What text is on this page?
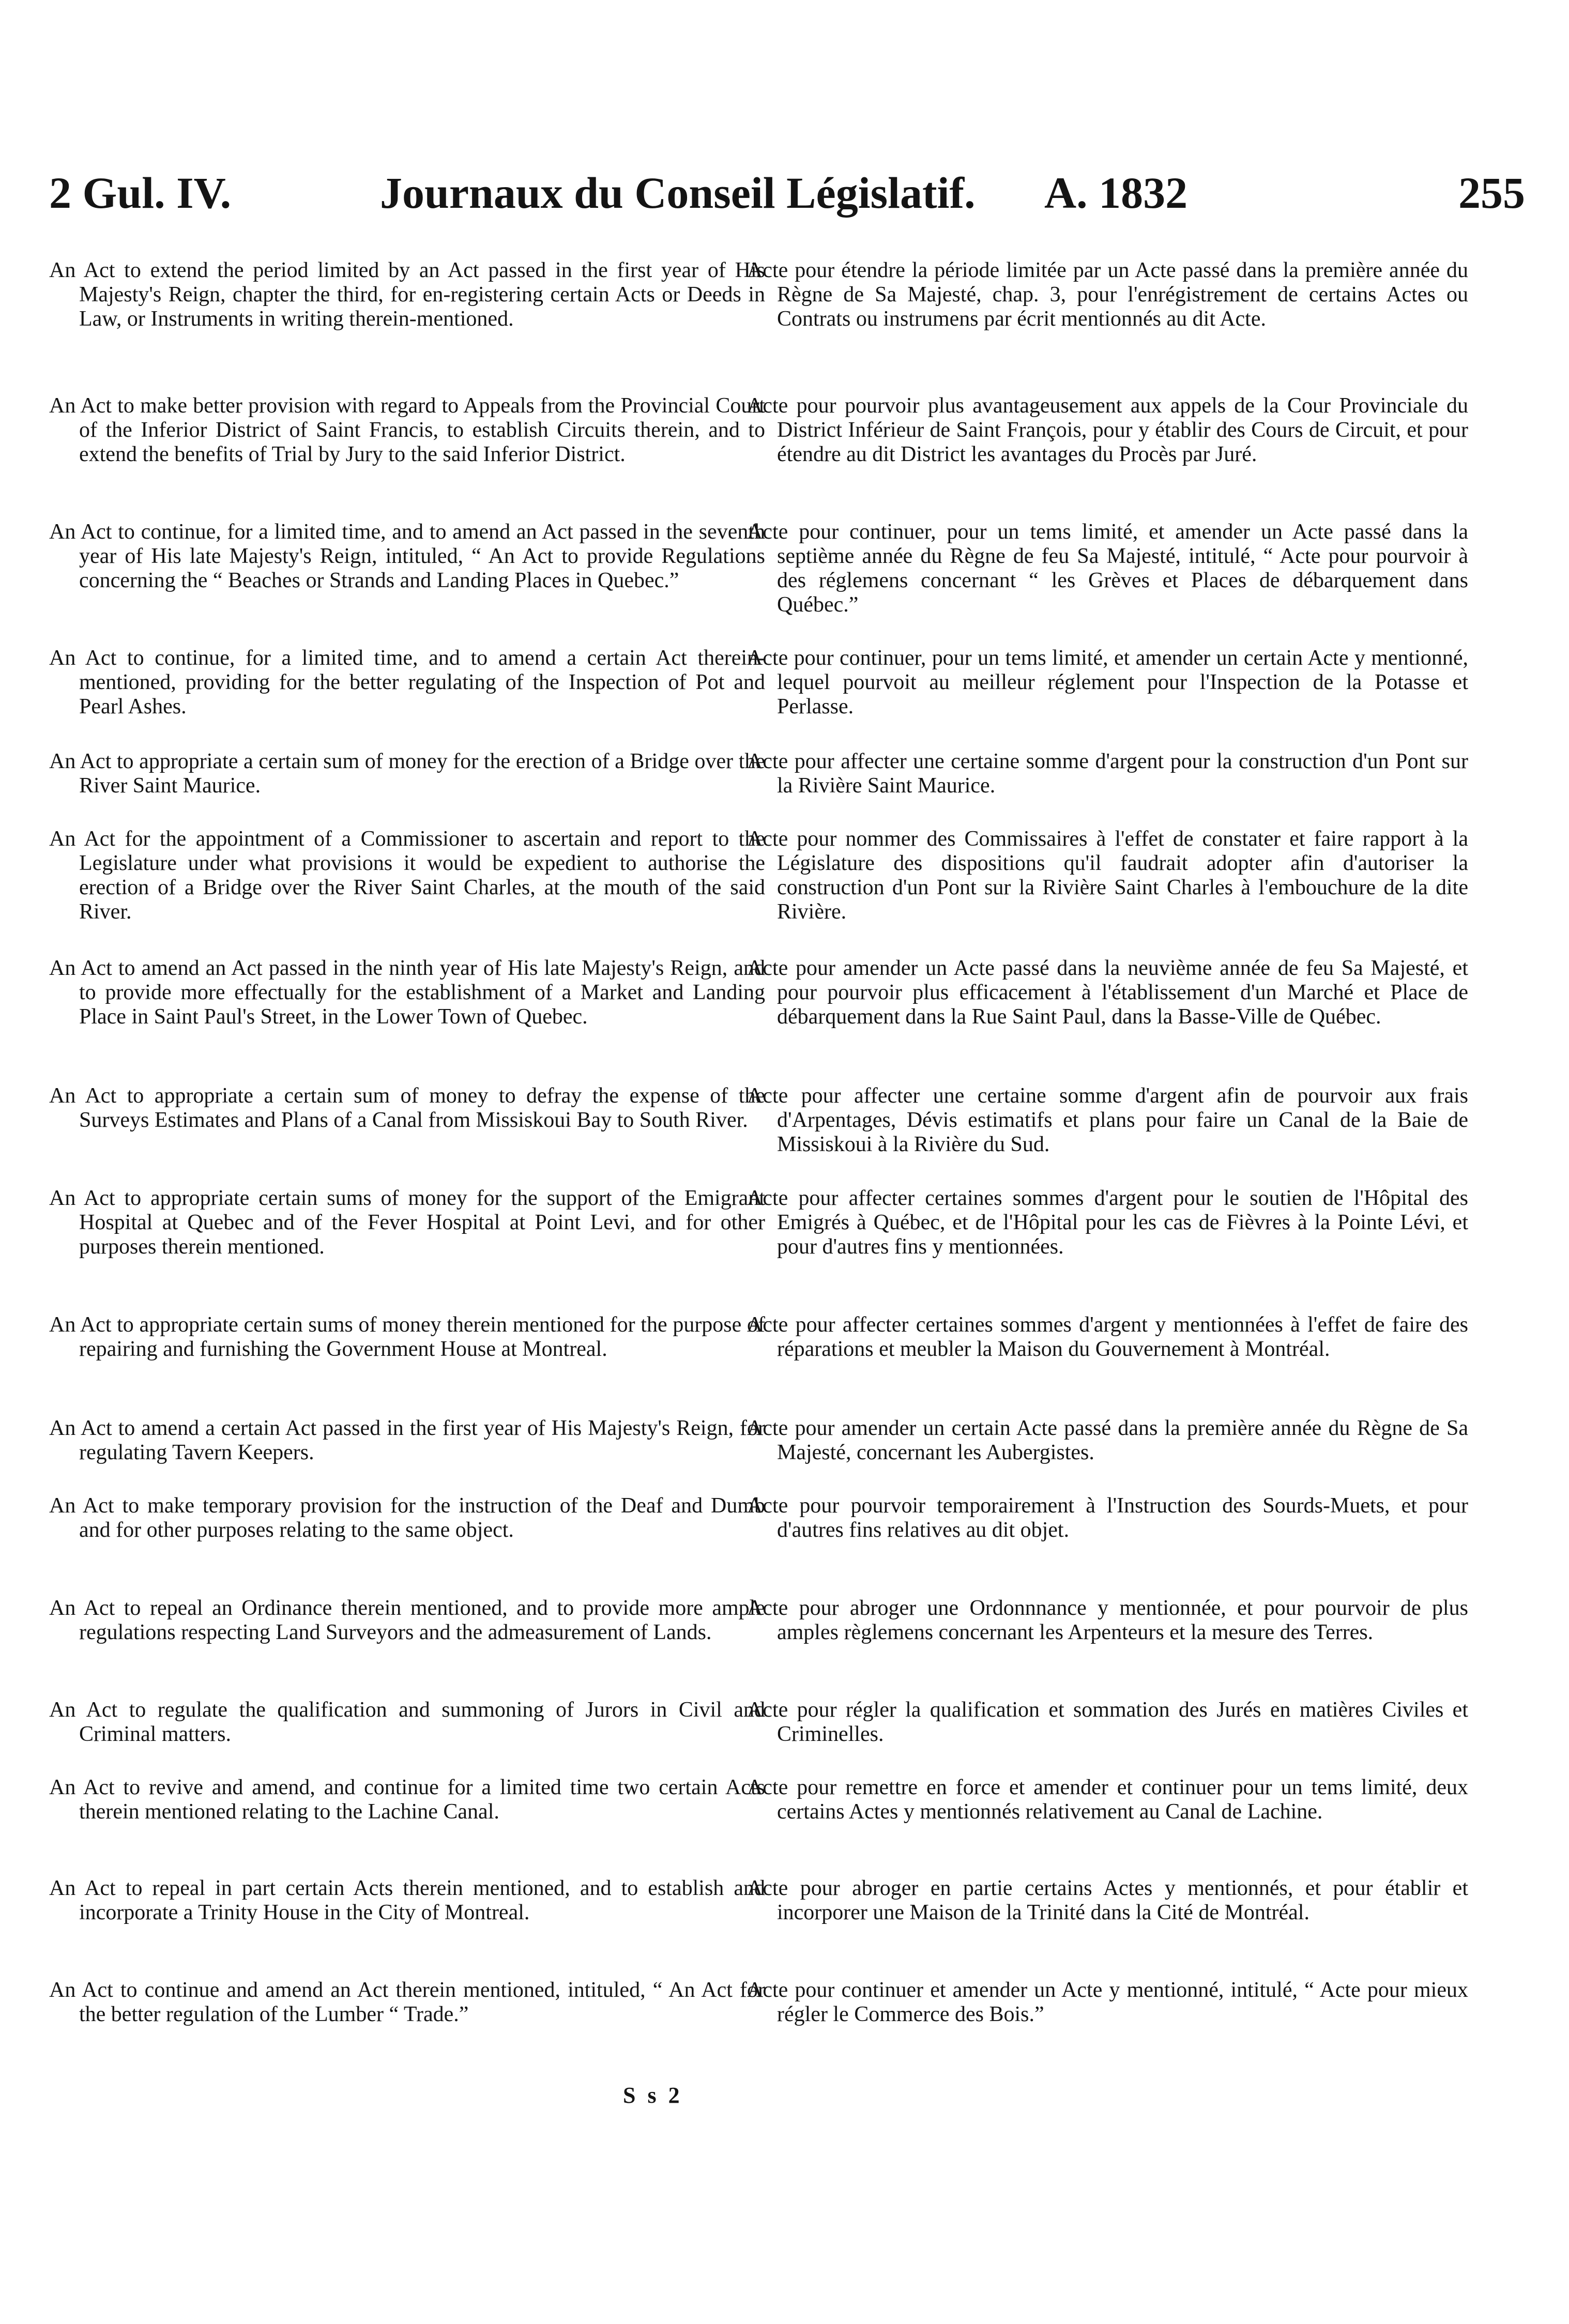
2 Gul. IV.	Journaux du Conseil Législatif. A. 1832	255

An Act to extend the period limited by an Act passed in the first year of His Majesty's Reign, chapter the third, for en-registering certain Acts or Deeds in Law, or Instruments in writing therein-mentioned.

An Act to make better provision with regard to Appeals from the Provincial Court of the Inferior District of Saint Francis, to establish Circuits therein, and to extend the benefits of Trial by Jury to the said Inferior District.

An Act to continue, for a limited time, and to amend an Act passed in the seventh year of His late Majesty's Reign, intituled, “ An Act to provide Regulations concerning the “ Beaches or Strands and Landing Places in Quebec.”

An Act to continue, for a limited time, and to amend a certain Act therein-mentioned, providing for the better regulating of the Inspection of Pot and Pearl Ashes.

An Act to appropriate a certain sum of money for the erection of a Bridge over the River Saint Maurice.

An Act for the appointment of a Commissioner to ascertain and report to the Legislature under what provisions it would be expedient to authorise the erection of a Bridge over the River Saint Charles, at the mouth of the said River.

An Act to amend an Act passed in the ninth year of His late Majesty's Reign, and to provide more effectually for the establishment of a Market and Landing Place in Saint Paul's Street, in the Lower Town of Quebec.

An Act to appropriate a certain sum of money to defray the expense of the Surveys Estimates and Plans of a Canal from Missiskoui Bay to South River.

An Act to appropriate certain sums of money for the support of the Emigrant Hospital at Quebec and of the Fever Hospital at Point Levi, and for other purposes therein mentioned.

An Act to appropriate certain sums of money therein mentioned for the purpose of repairing and furnishing the Government House at Montreal.

An Act to amend a certain Act passed in the first year of His Majesty's Reign, for regulating Tavern Keepers.

An Act to make temporary provision for the instruction of the Deaf and Dumb and for other purposes relating to the same object.

An Act to repeal an Ordinance therein mentioned, and to provide more ample regulations respecting Land Surveyors and the admeasurement of Lands.

An Act to regulate the qualification and summoning of Jurors in Civil and Criminal matters.

An Act to revive and amend, and continue for a limited time two certain Acts therein mentioned relating to the Lachine Canal.

An Act to repeal in part certain Acts therein mentioned, and to establish and incorporate a Trinity House in the City of Montreal.

An Act to continue and amend an Act therein mentioned, intituled, “ An Act for the better regulation of the Lumber “ Trade.”

Acte pour étendre la période limitée par un Acte passé dans la première année du Règne de Sa Majesté, chap. 3, pour l'enrégistrement de certains Actes ou Contrats ou instrumens par écrit mentionnés au dit Acte.

Acte pour pourvoir plus avantageusement aux appels de la Cour Provinciale du District Inférieur de Saint François, pour y établir des Cours de Circuit, et pour étendre au dit District les avantages du Procès par Juré.

Acte pour continuer, pour un tems limité, et amender un Acte passé dans la septième année du Règne de feu Sa Majesté, intitulé, “ Acte pour pourvoir à des réglemens concernant “ les Grèves et Places de débarquement dans Québec.”

Acte pour continuer, pour un tems limité, et amender un certain Acte y mentionné, lequel pourvoit au meilleur réglement pour l'Inspection de la Potasse et Perlasse.

Acte pour affecter une certaine somme d'argent pour la construction d'un Pont sur la Rivière Saint Maurice.

Acte pour nommer des Commissaires à l'effet de constater et faire rapport à la Législature des dispositions qu'il faudrait adopter afin d'autoriser la construction d'un Pont sur la Rivière Saint Charles à l'embouchure de la dite Rivière.

Acte pour amender un Acte passé dans la neuvième année de feu Sa Majesté, et pour pourvoir plus efficacement à l'établissement d'un Marché et Place de débarquement dans la Rue Saint Paul, dans la Basse-Ville de Québec.

Acte pour affecter une certaine somme d'argent afin de pourvoir aux frais d'Arpentages, Dévis estimatifs et plans pour faire un Canal de la Baie de Missiskoui à la Rivière du Sud.

Acte pour affecter certaines sommes d'argent pour le soutien de l'Hôpital des Emigrés à Québec, et de l'Hôpital pour les cas de Fièvres à la Pointe Lévi, et pour d'autres fins y mentionnées.

Acte pour affecter certaines sommes d'argent y mentionnées à l'effet de faire des réparations et meubler la Maison du Gouvernement à Montréal.

Acte pour amender un certain Acte passé dans la première année du Règne de Sa Majesté, concernant les Aubergistes.

Acte pour pourvoir temporairement à l'Instruction des Sourds-Muets, et pour d'autres fins relatives au dit objet.

Acte pour abroger une Ordonnnance y mentionnée, et pour pourvoir de plus amples règlemens concernant les Arpenteurs et la mesure des Terres.

Acte pour régler la qualification et sommation des Jurés en matières Civiles et Criminelles.

Acte pour remettre en force et amender et continuer pour un tems limité, deux certains Actes y mentionnés relativement au Canal de Lachine.

Acte pour abroger en partie certains Actes y mentionnés, et pour établir et incorporer une Maison de la Trinité dans la Cité de Montréal.

Acte pour continuer et amender un Acte y mentionné, intitulé, “ Acte pour mieux régler le Commerce des Bois.”

S s 2
